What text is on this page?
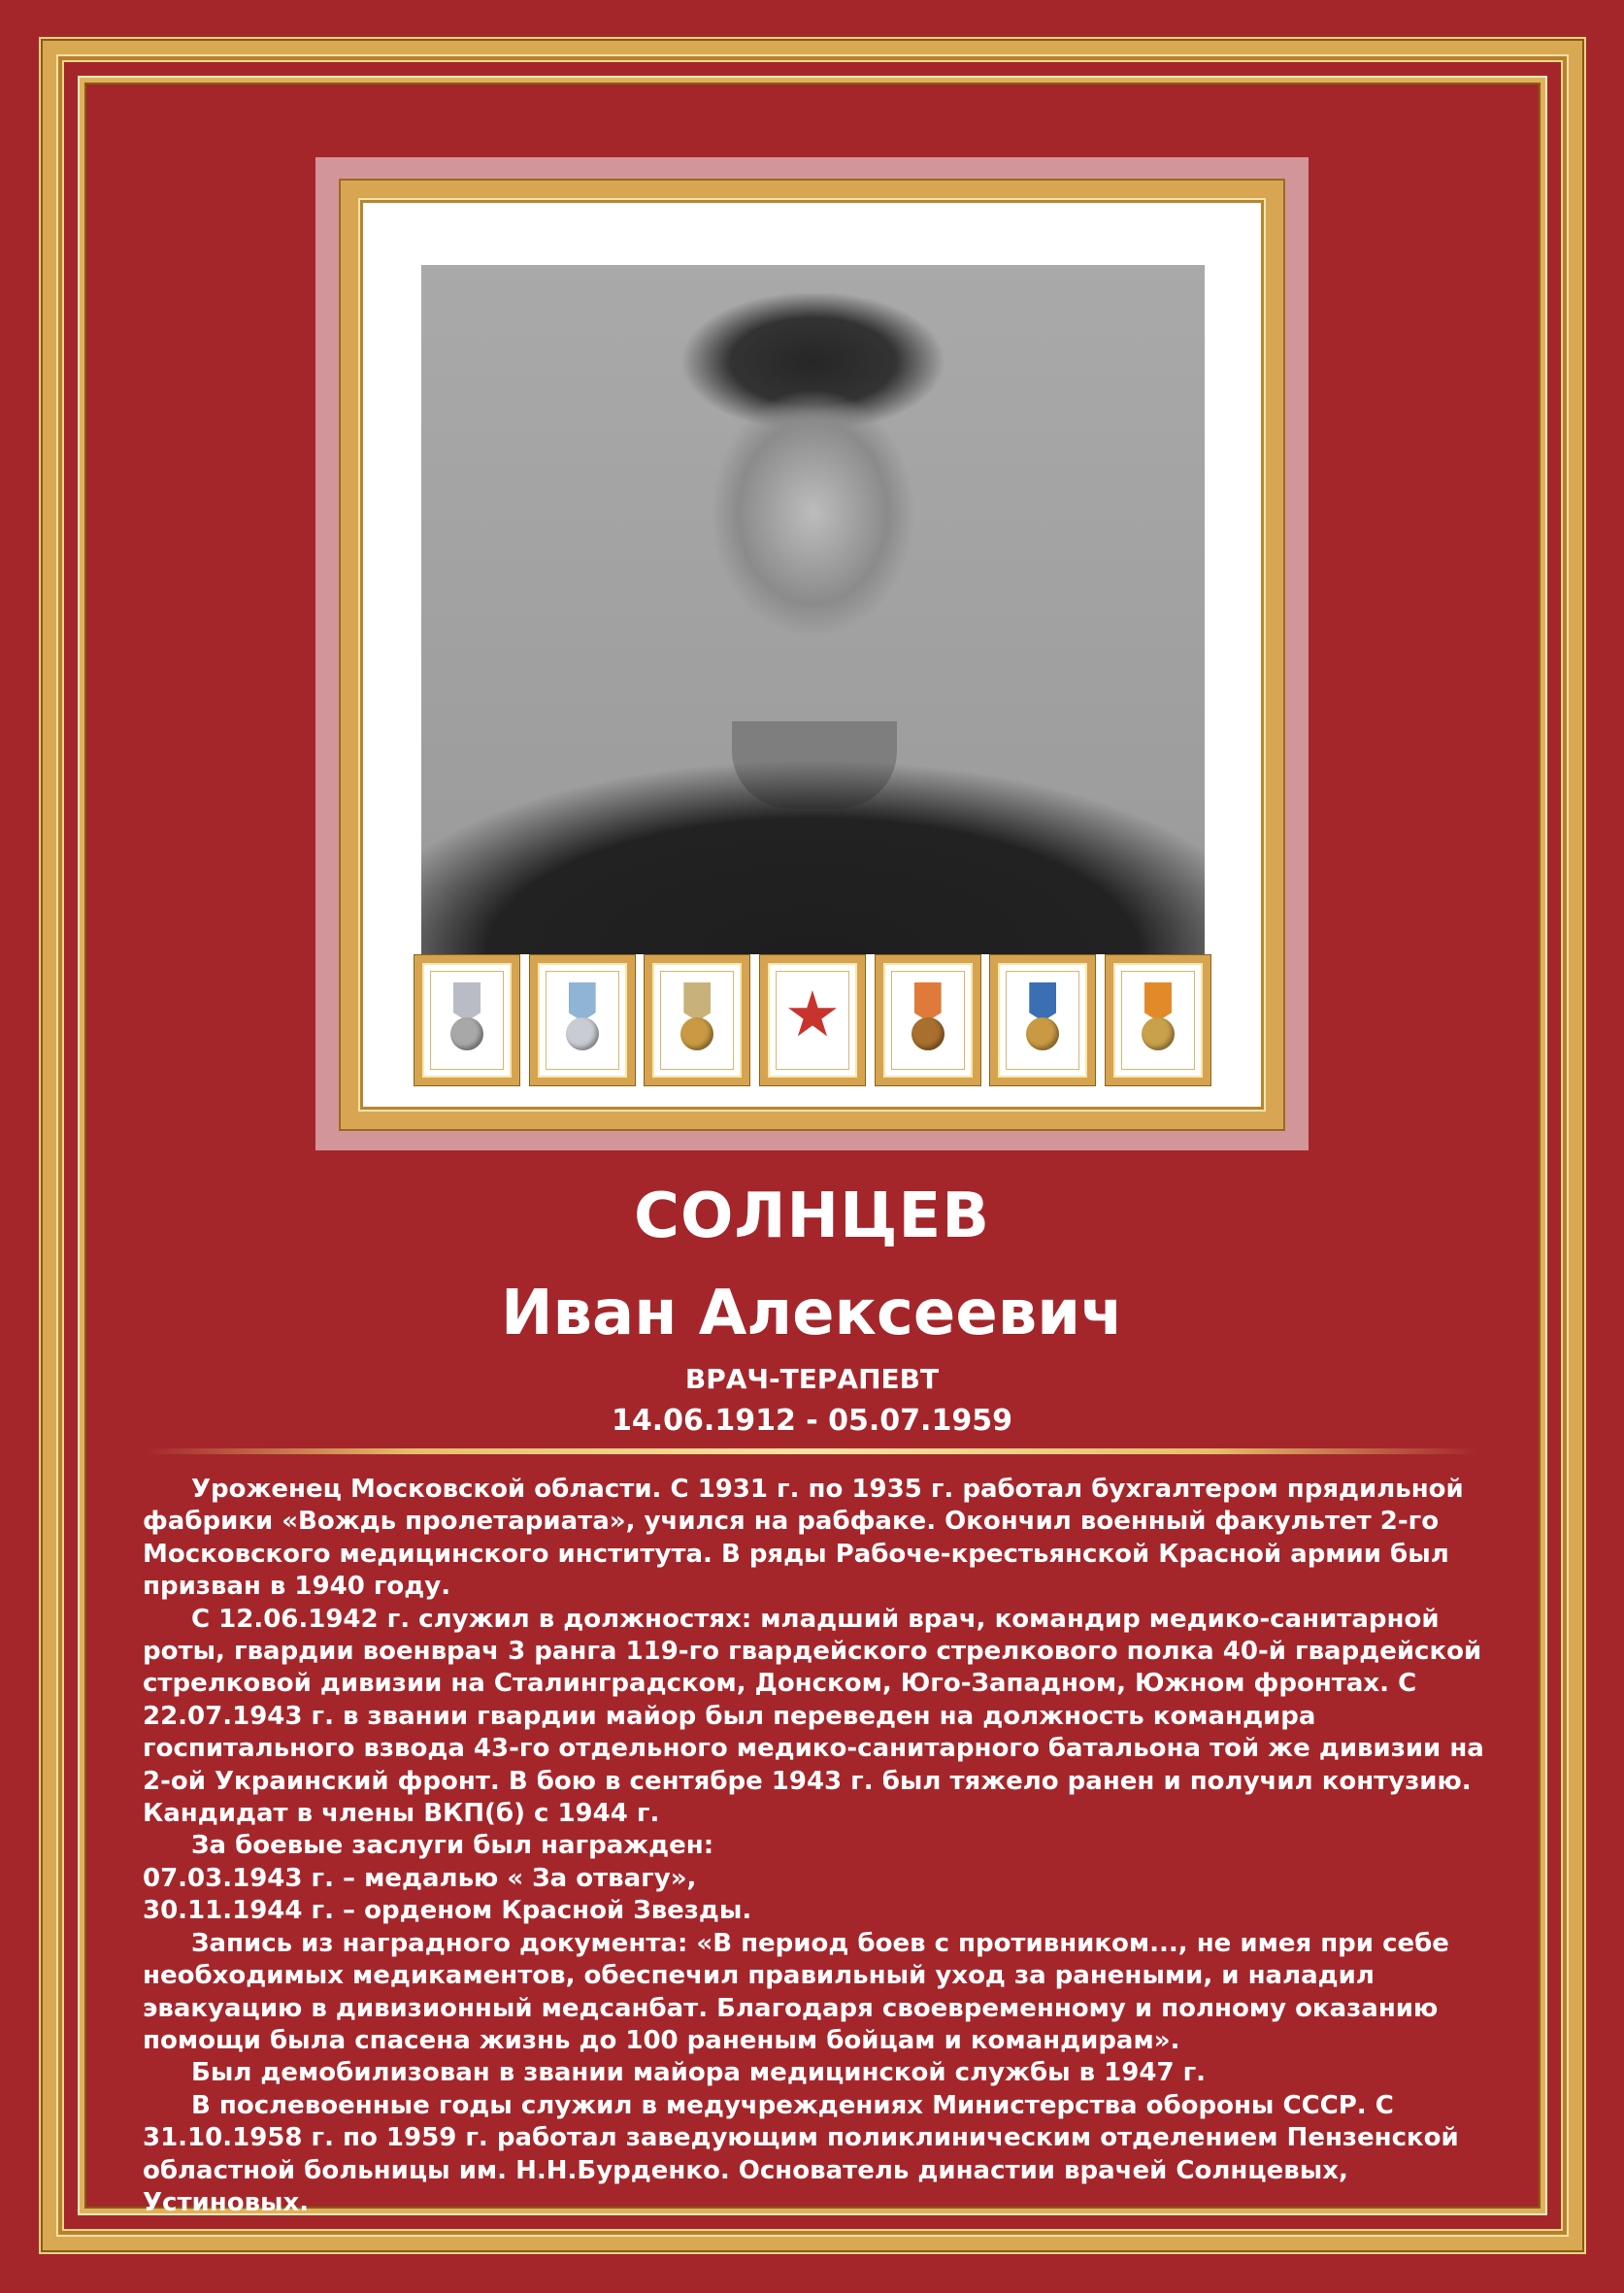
СОЛНЦЕВ
Иван Алексеевич
ВРАЧ-ТЕРАПЕВТ
14.06.1912 - 05.07.1959

Уроженец Московской области. С 1931 г. по 1935 г. работал бухгалтером прядильной фабрики «Вождь пролетариата», учился на рабфаке. Окончил военный факультет 2-го Московского медицинского института. В ряды Рабоче-крестьянской Красной армии был призван в 1940 году.

С 12.06.1942 г. служил в должностях: младший врач, командир медико-санитарной роты, гвардии военврач 3 ранга 119-го гвардейского стрелкового полка 40-й гвардейской стрелковой дивизии на Сталинградском, Донском, Юго-Западном, Южном фронтах. С 22.07.1943 г. в звании гвардии майор был переведен на должность командира госпитального взвода 43-го отдельного медико-санитарного батальона той же дивизии на 2-ой Украинский фронт. В бою в сентябре 1943 г. был тяжело ранен и получил контузию. Кандидат в члены ВКП(б) с 1944 г.

За боевые заслуги был награжден:

07.03.1943 г. – медалью « За отвагу»,

30.11.1944 г. – орденом Красной Звезды.

Запись из наградного документа: «В период боев с противником..., не имея при себе необходимых медикаментов, обеспечил правильный уход за ранеными, и наладил эвакуацию в дивизионный медсанбат. Благодаря своевременному и полному оказанию помощи была спасена жизнь до 100 раненым бойцам и командирам».

Был демобилизован в звании майора медицинской службы в 1947 г.

В послевоенные годы служил в медучреждениях Министерства обороны СССР. С 31.10.1958 г. по 1959 г. работал заведующим поликлиническим отделением Пензенской областной больницы им. Н.Н.Бурденко. Основатель династии врачей Солнцевых, Устиновых.
